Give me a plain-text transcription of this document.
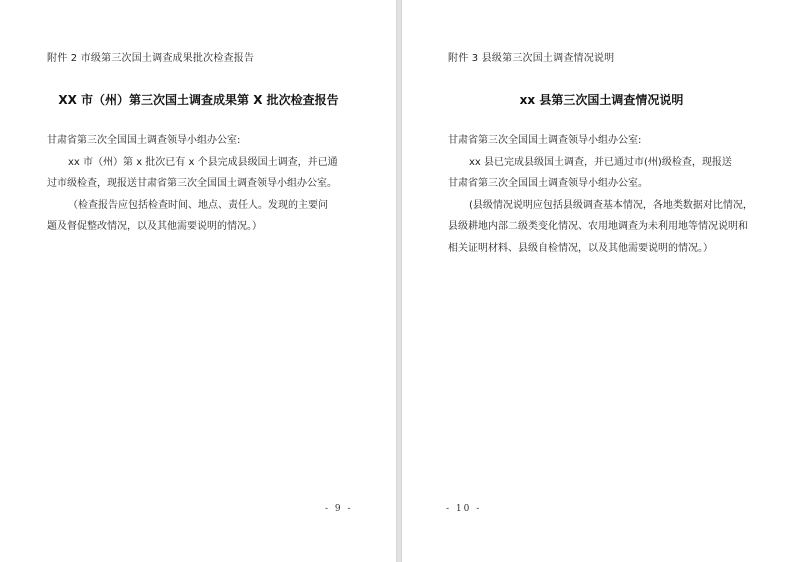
附件 2 市级第三次国土调查成果批次检查报告
XX 市（州）第三次国土调查成果第 X 批次检查报告
甘肃省第三次全国国土调查领导小组办公室:
xx 市（州）第 x 批次已有 x 个县完成县级国土调查，并已通
过市级检查，现报送甘肃省第三次全国国土调查领导小组办公室。
（检查报告应包括检查时间、地点、责任人。发现的主要问
题及督促整改情况，以及其他需要说明的情况。）
- 9 -
附件 3 县级第三次国土调查情况说明
xx 县第三次国土调查情况说明
甘肃省第三次全国国土调查领导小组办公室:
xx 县已完成县级国土调查，并已通过市(州)级检查，现报送
甘肃省第三次全国国土调查领导小组办公室。
(县级情况说明应包括县级调查基本情况，各地类数据对比情况，
县级耕地内部二级类变化情况、农用地调查为未利用地等情况说明和
相关证明材料、县级自检情况，以及其他需要说明的情况。）
- 10 -
